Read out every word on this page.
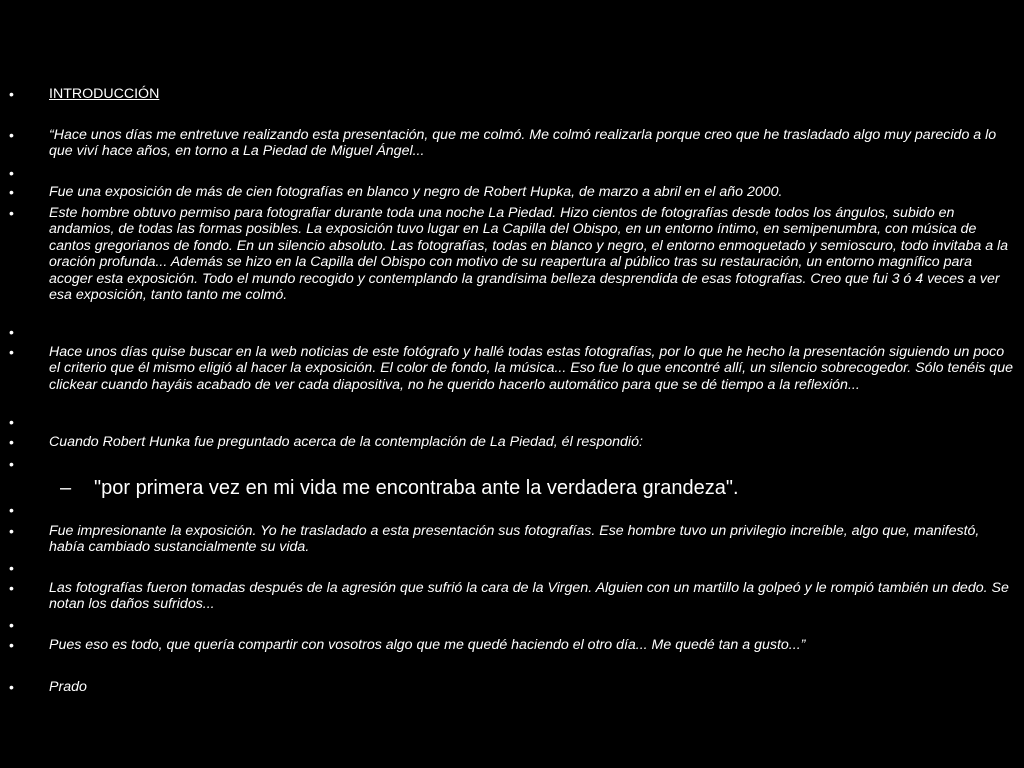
• INTRODUCCIÓN
• “Hace unos días me entretuve realizando esta presentación, que me colmó. Me colmó realizarla porque creo que he trasladado algo muy parecido a lo que viví hace años, en torno a La Piedad de Miguel Ángel...
•
• Fue una exposición de más de cien fotografías en blanco y negro de Robert Hupka, de marzo a abril en el año 2000.
• Este hombre obtuvo permiso para fotografiar durante toda una noche La Piedad. Hizo cientos de fotografías desde todos los ángulos, subido en andamios, de todas las formas posibles. La exposición tuvo lugar en La Capilla del Obispo, en un entorno íntimo, en semipenumbra, con música de cantos gregorianos de fondo. En un silencio absoluto. Las fotografías, todas en blanco y negro, el entorno enmoquetado y semioscuro, todo invitaba a la oración profunda... Además se hizo en la Capilla del Obispo con motivo de su reapertura al público tras su restauración, un entorno magnífico para acoger esta exposición. Todo el mundo recogido y contemplando la grandísima belleza desprendida de esas fotografías. Creo que fui 3 ó 4 veces a ver esa exposición, tanto tanto me colmó.
•
• Hace unos días quise buscar en la web noticias de este fotógrafo y hallé todas estas fotografías, por lo que he hecho la presentación siguiendo un poco el criterio que él mismo eligió al hacer la exposición. El color de fondo, la música... Eso fue lo que encontré allí, un silencio sobrecogedor. Sólo tenéis que clickear cuando hayáis acabado de ver cada diapositiva, no he querido hacerlo automático para que se dé tiempo a la reflexión...
•
• Cuando Robert Hunka fue preguntado acerca de la contemplación de La Piedad, él respondió:
•
– "por primera vez en mi vida me encontraba ante la verdadera grandeza".
•
• Fue impresionante la exposición. Yo he trasladado a esta presentación sus fotografías. Ese hombre tuvo un privilegio increíble, algo que, manifestó, había cambiado sustancialmente su vida.
•
• Las fotografías fueron tomadas después de la agresión que sufrió la cara de la Virgen. Alguien con un martillo la golpeó y le rompió también un dedo. Se notan los daños sufridos...
•
• Pues eso es todo, que quería compartir con vosotros algo que me quedé haciendo el otro día... Me quedé tan a gusto...”
• Prado
